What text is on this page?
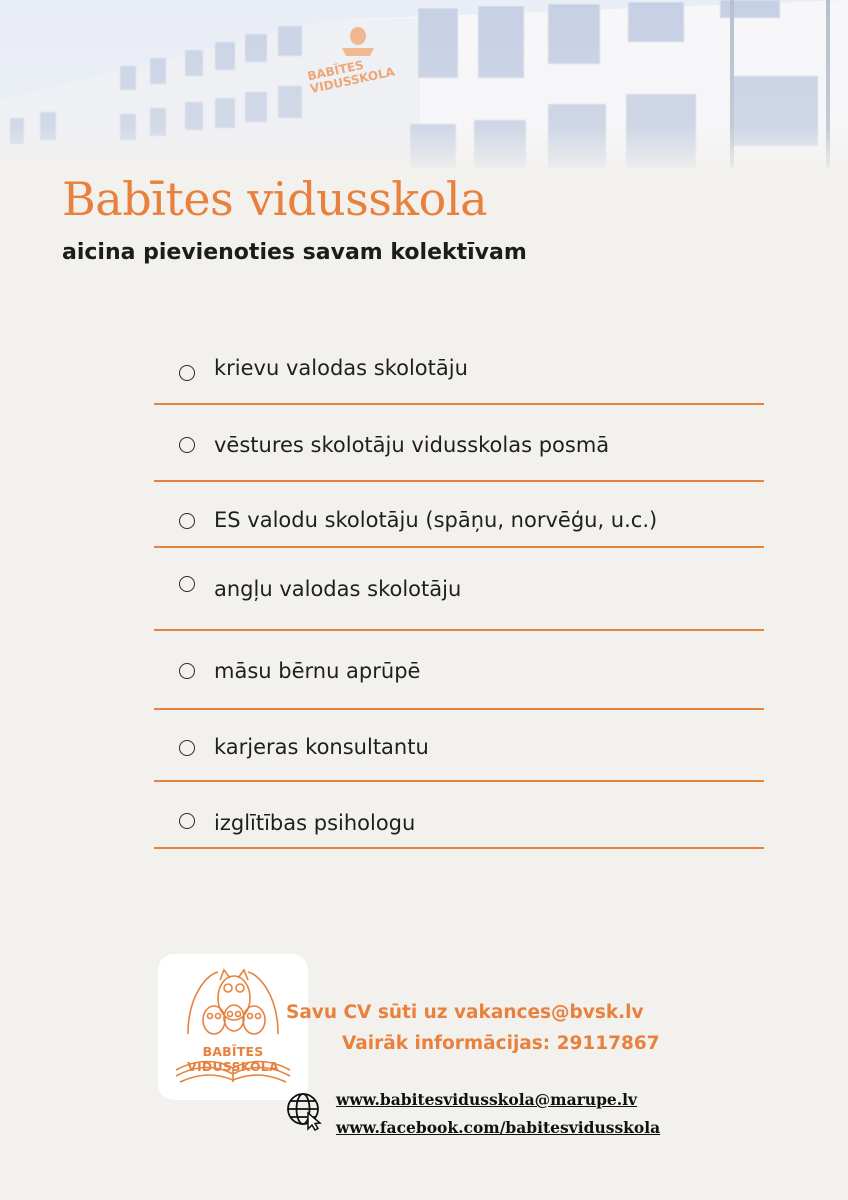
BABĪTES VIDUSSKOLA
Babītes vidusskola
aicina pievienoties savam kolektīvam
krievu valodas skolotāju
vēstures skolotāju vidusskolas posmā
ES valodu skolotāju (spāņu, norvēģu, u.c.)
angļu valodas skolotāju
māsu bērnu aprūpē
karjeras konsultantu
izglītības psihologu
BABĪTES VIDUSSKOLA
Savu CV sūti uz vakances@bvsk.lv
Vairāk informācijas: 29117867
www.babitesvidusskola@marupe.lv
www.facebook.com/babitesvidusskola
